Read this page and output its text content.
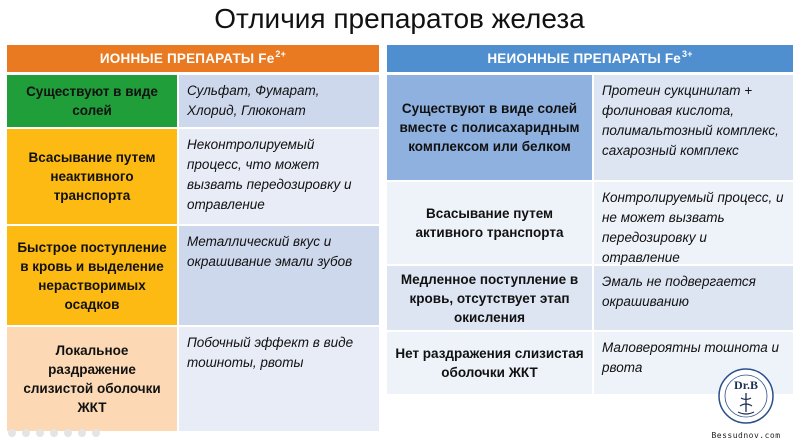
Отличия препаратов железа
ИОННЫЕ ПРЕПАРАТЫ $Fe^{2+}$
Существуют в виде солей
Сульфат, Фумарат, Хлорид, Глюконат
Всасывание путем неактивного транспорта
Неконтролируемый процесс, что может вызвать передозировку и отравление
Быстрое поступление в кровь и выделение нерастворимых осадков
Металлический вкус и окрашивание эмали зубов
Локальное раздражение слизистой оболочки ЖКТ
Побочный эффект в виде тошноты, рвоты
НЕИОННЫЕ ПРЕПАРАТЫ $Fe^{3+}$
Существуют в виде солей вместе с полисахаридным комплексом или белком
Протеин сукцинилат + фолиновая кислота, полимальтозный комплекс, сахарозный комплекс
Всасывание путем активного транспорта
Контролируемый процесс, и не может вызвать передозировку и отравление
Медленное поступление в кровь, отсутствует этап окисления
Эмаль не подвергается окрашиванию
Нет раздражения слизистая оболочки ЖКТ
Маловероятны тошнота и рвота
Dr.B
Bessudnov.com
